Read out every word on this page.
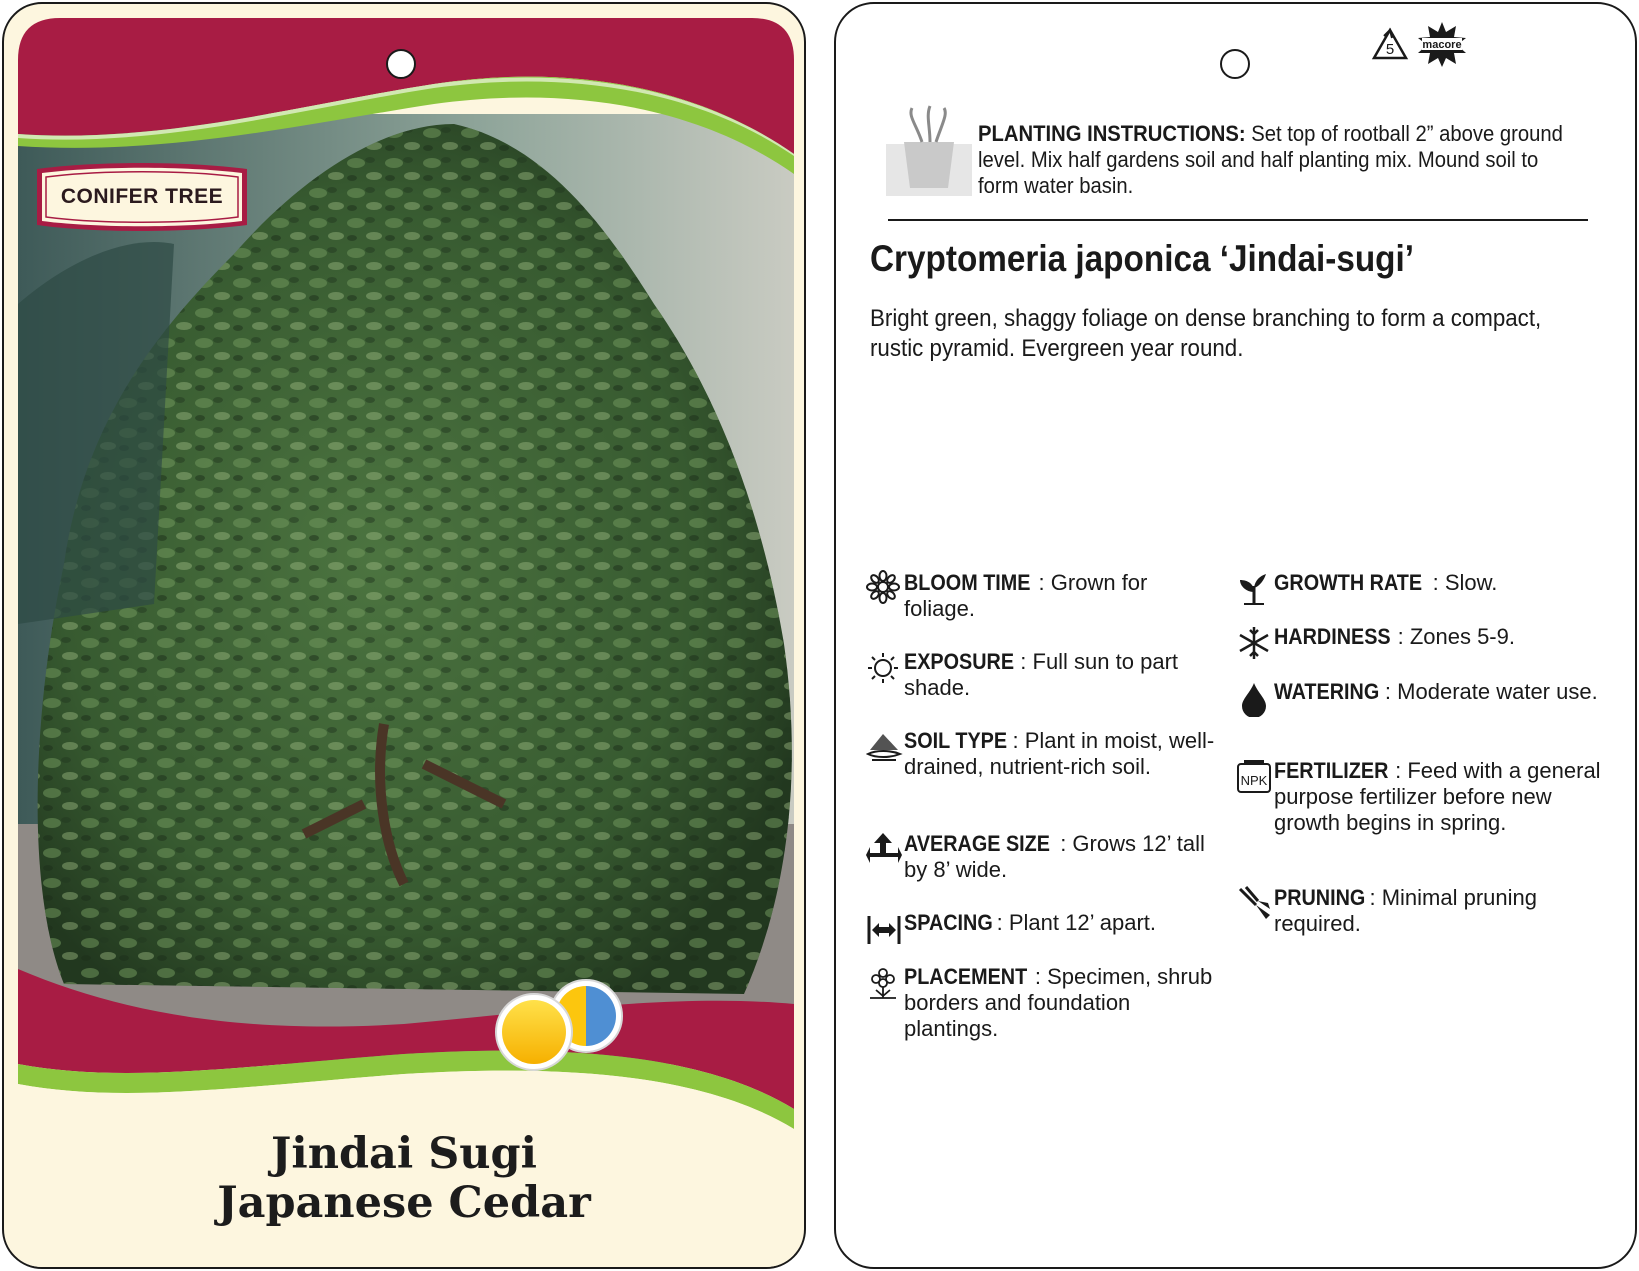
CONIFER TREE
Jindai Sugi
Japanese Cedar
5	macore
PLANTING INSTRUCTIONS: Set top of rootball 2” above ground level. Mix half gardens soil and half planting mix. Mound soil to form water basin.
Cryptomeria japonica ‘Jindai-sugi’
Bright green, shaggy foliage on dense branching to form a compact, rustic pyramid. Evergreen year round.
BLOOM TIME : Grown for foliage.
EXPOSURE : Full sun to part shade.
SOIL TYPE : Plant in moist, well-drained, nutrient-rich soil.
AVERAGE SIZE : Grows 12’ tall by 8’ wide.
SPACING : Plant 12’ apart.
PLACEMENT : Specimen, shrub borders and foundation plantings.
GROWTH RATE : Slow.
HARDINESS : Zones 5-9.
WATERING : Moderate water use.
NPK FERTILIZER : Feed with a general purpose fertilizer before new growth begins in spring.
PRUNING : Minimal pruning required.
